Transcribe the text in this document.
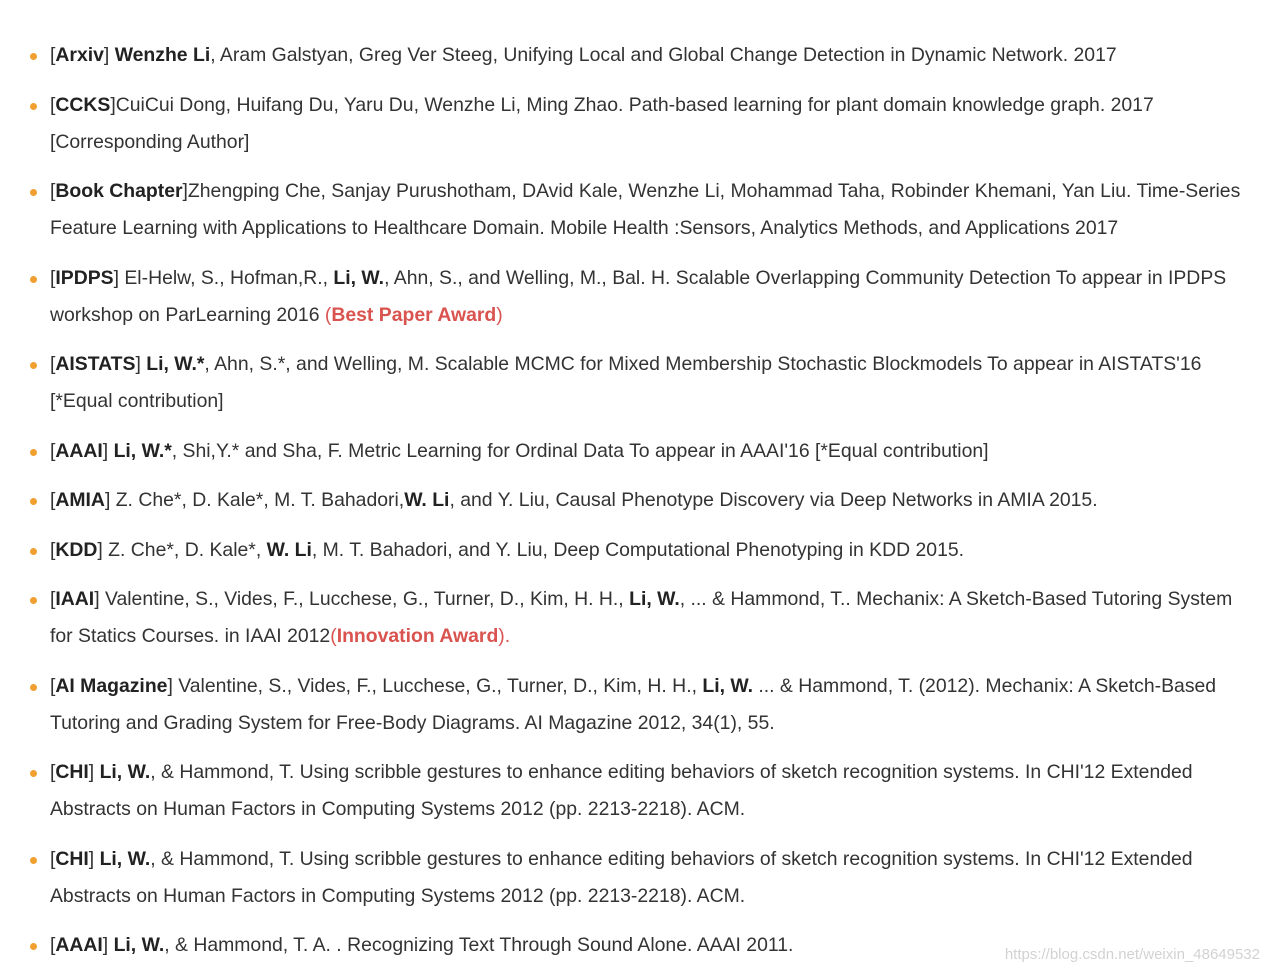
[Arxiv] Wenzhe Li, Aram Galstyan, Greg Ver Steeg, Unifying Local and Global Change Detection in Dynamic Network. 2017
[CCKS]CuiCui Dong, Huifang Du, Yaru Du, Wenzhe Li, Ming Zhao. Path-based learning for plant domain knowledge graph. 2017 [Corresponding Author]
[Book Chapter]Zhengping Che, Sanjay Purushotham, DAvid Kale, Wenzhe Li, Mohammad Taha, Robinder Khemani, Yan Liu. Time-Series Feature Learning with Applications to Healthcare Domain. Mobile Health :Sensors, Analytics Methods, and Applications 2017
[IPDPS] El-Helw, S., Hofman,R., Li, W., Ahn, S., and Welling, M., Bal. H. Scalable Overlapping Community Detection To appear in IPDPS workshop on ParLearning 2016 (Best Paper Award)
[AISTATS] Li, W.*, Ahn, S.*, and Welling, M. Scalable MCMC for Mixed Membership Stochastic Blockmodels To appear in AISTATS'16 [*Equal contribution]
[AAAI] Li, W.*, Shi,Y.* and Sha, F. Metric Learning for Ordinal Data To appear in AAAI'16 [*Equal contribution]
[AMIA] Z. Che*, D. Kale*, M. T. Bahadori,W. Li, and Y. Liu, Causal Phenotype Discovery via Deep Networks in AMIA 2015.
[KDD] Z. Che*, D. Kale*, W. Li, M. T. Bahadori, and Y. Liu, Deep Computational Phenotyping in KDD 2015.
[IAAI] Valentine, S., Vides, F., Lucchese, G., Turner, D., Kim, H. H., Li, W., ... & Hammond, T.. Mechanix: A Sketch-Based Tutoring System for Statics Courses. in IAAI 2012(Innovation Award).
[AI Magazine] Valentine, S., Vides, F., Lucchese, G., Turner, D., Kim, H. H., Li, W. ... & Hammond, T. (2012). Mechanix: A Sketch-Based Tutoring and Grading System for Free-Body Diagrams. AI Magazine 2012, 34(1), 55.
[CHI] Li, W., & Hammond, T. Using scribble gestures to enhance editing behaviors of sketch recognition systems. In CHI'12 Extended Abstracts on Human Factors in Computing Systems 2012 (pp. 2213-2218). ACM.
[CHI] Li, W., & Hammond, T. Using scribble gestures to enhance editing behaviors of sketch recognition systems. In CHI'12 Extended Abstracts on Human Factors in Computing Systems 2012 (pp. 2213-2218). ACM.
[AAAI] Li, W., & Hammond, T. A. . Recognizing Text Through Sound Alone. AAAI 2011.	https://blog.csdn.net/weixin_48649532
